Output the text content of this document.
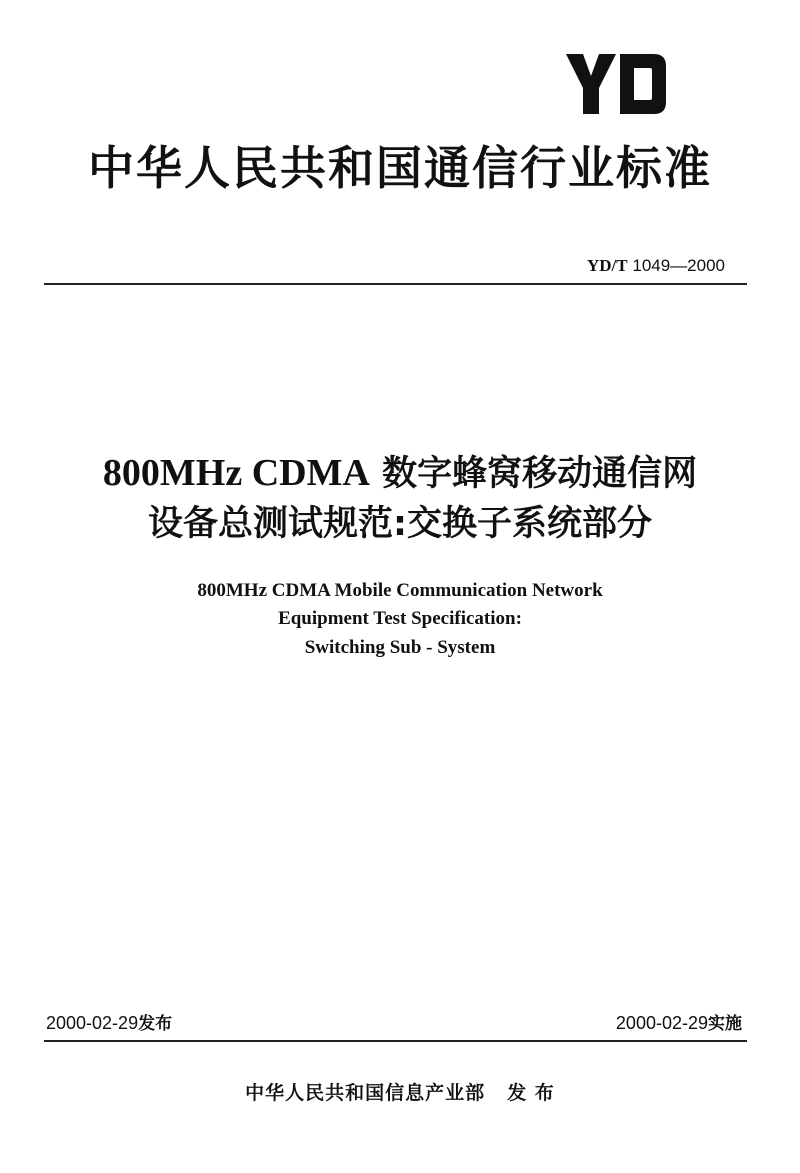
中华人民共和国通信行业标准
YD/T 1049—2000
800MHz CDMA 数字蜂窝移动通信网
设备总测试规范:交换子系统部分
800MHz CDMA Mobile Communication Network
Equipment Test Specification:
Switching Sub - System
2000-02-29发布	2000-02-29实施
中华人民共和国信息产业部 发 布
